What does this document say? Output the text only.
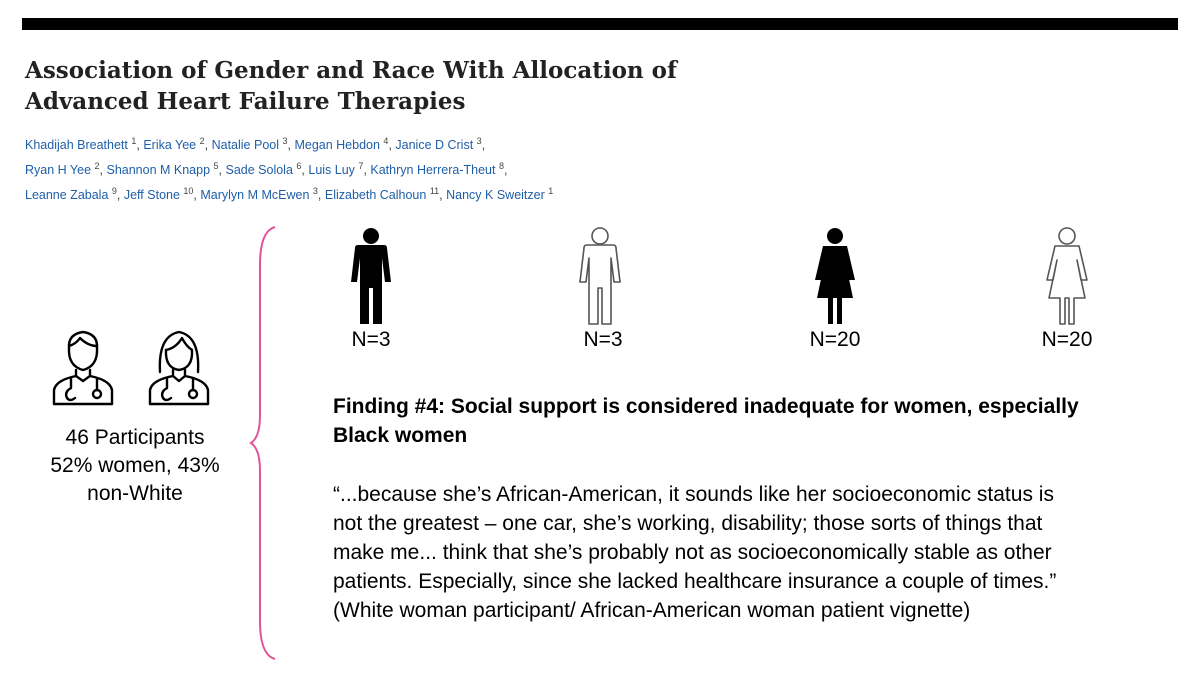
Association of Gender and Race With Allocation of
Advanced Heart Failure Therapies
Khadijah Breathett $^1$, Erika Yee $^2$, Natalie Pool $^3$, Megan Hebdon $^4$, Janice D Crist $^3$,
Ryan H Yee $^2$, Shannon M Knapp $^5$, Sade Solola $^6$, Luis Luy $^7$, Kathryn Herrera-Theut $^8$,
Leanne Zabala $^9$, Jeff Stone $^{10}$, Marylyn M McEwen $^3$, Elizabeth Calhoun $^{11}$, Nancy K Sweitzer $^1$
46 Participants
52% women, 43%
non-White
N=3	N=3	N=20	N=20
Finding #4: Social support is considered inadequate for women, especially
Black women
“...because she’s African-American, it sounds like her socioeconomic status is
not the greatest – one car, she’s working, disability; those sorts of things that
make me... think that she’s probably not as socioeconomically stable as other
patients. Especially, since she lacked healthcare insurance a couple of times.”
(White woman participant/ African-American woman patient vignette)
